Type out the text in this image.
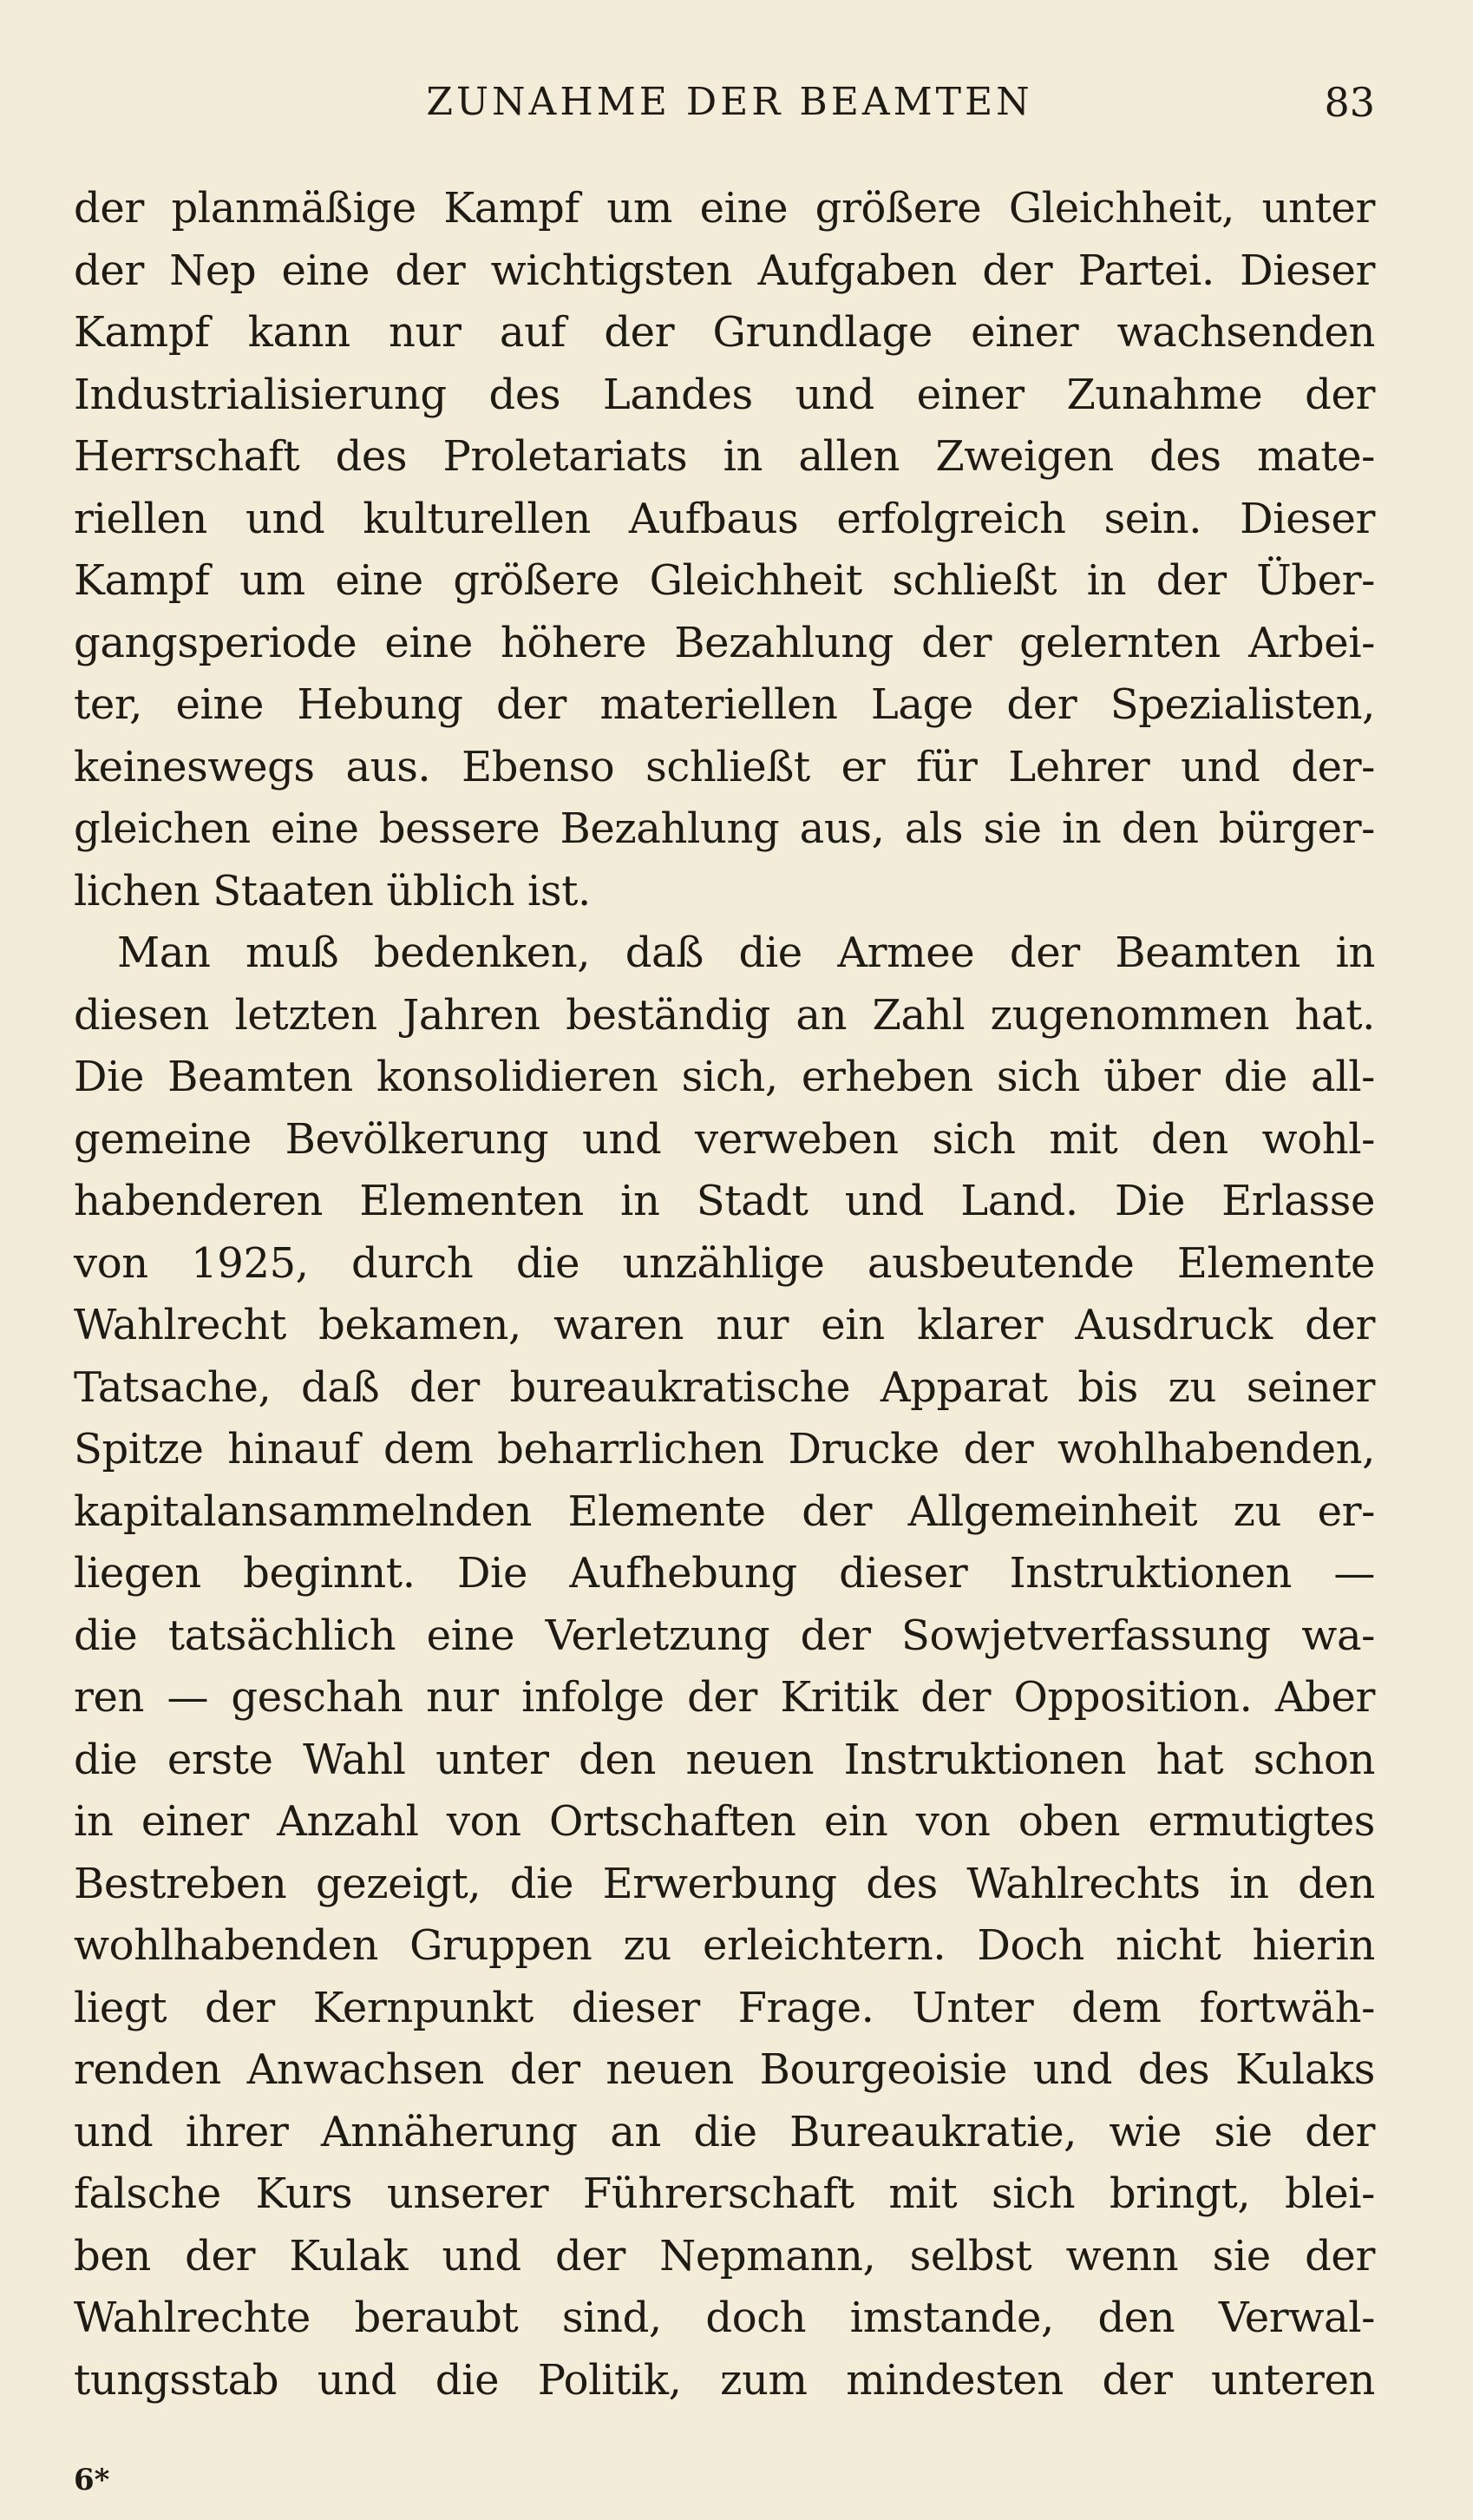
ZUNAHME DER BEAMTEN	83
der planmäßige Kampf um eine größere Gleichheit, unter
der Nep eine der wichtigsten Aufgaben der Partei. Dieser
Kampf kann nur auf der Grundlage einer wachsenden
Industrialisierung des Landes und einer Zunahme der
Herrschaft des Proletariats in allen Zweigen des mate-
riellen und kulturellen Aufbaus erfolgreich sein. Dieser
Kampf um eine größere Gleichheit schließt in der Über-
gangsperiode eine höhere Bezahlung der gelernten Arbei-
ter, eine Hebung der materiellen Lage der Spezialisten,
keineswegs aus. Ebenso schließt er für Lehrer und der-
gleichen eine bessere Bezahlung aus, als sie in den bürger-
lichen Staaten üblich ist.
Man muß bedenken, daß die Armee der Beamten in
diesen letzten Jahren beständig an Zahl zugenommen hat.
Die Beamten konsolidieren sich, erheben sich über die all-
gemeine Bevölkerung und verweben sich mit den wohl-
habenderen Elementen in Stadt und Land. Die Erlasse
von 1925, durch die unzählige ausbeutende Elemente
Wahlrecht bekamen, waren nur ein klarer Ausdruck der
Tatsache, daß der bureaukratische Apparat bis zu seiner
Spitze hinauf dem beharrlichen Drucke der wohlhabenden,
kapitalansammelnden Elemente der Allgemeinheit zu er-
liegen beginnt. Die Aufhebung dieser Instruktionen —
die tatsächlich eine Verletzung der Sowjetverfassung wa-
ren — geschah nur infolge der Kritik der Opposition. Aber
die erste Wahl unter den neuen Instruktionen hat schon
in einer Anzahl von Ortschaften ein von oben ermutigtes
Bestreben gezeigt, die Erwerbung des Wahlrechts in den
wohlhabenden Gruppen zu erleichtern. Doch nicht hierin
liegt der Kernpunkt dieser Frage. Unter dem fortwäh-
renden Anwachsen der neuen Bourgeoisie und des Kulaks
und ihrer Annäherung an die Bureaukratie, wie sie der
falsche Kurs unserer Führerschaft mit sich bringt, blei-
ben der Kulak und der Nepmann, selbst wenn sie der
Wahlrechte beraubt sind, doch imstande, den Verwal-
tungsstab und die Politik, zum mindesten der unteren
6*
